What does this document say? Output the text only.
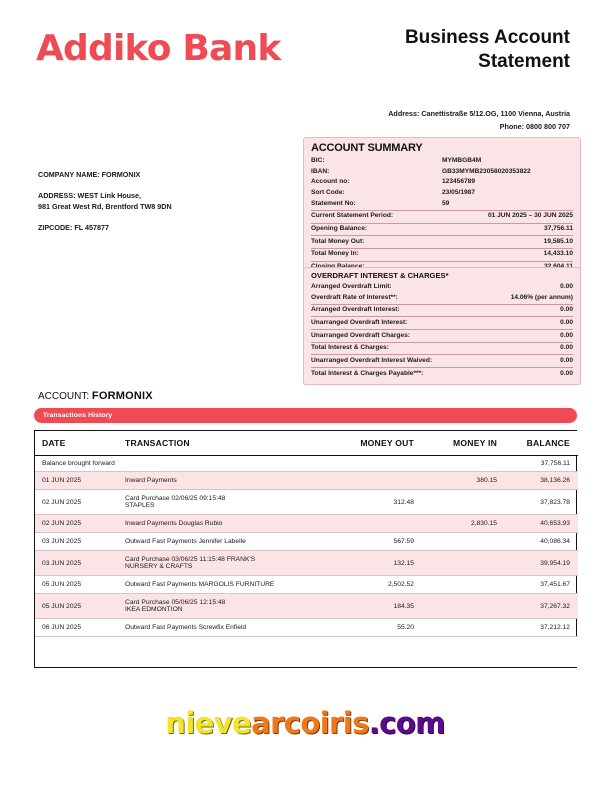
Addiko Bank	Business Account
Statement
Address: Canettistraße 5/12.OG, 1100 Vienna, Austria
Phone: 0800 800 707
COMPANY NAME: FORMONIX
ADDRESS: WEST Link House,
981 Great West Rd, Brentford TW8 9DN
ZIPCODE: FL 457877
ACCOUNT SUMMARY
BIC:	MYMBGB4M
IBAN:	GB33MYMB23058020353822
Account no:	123456789
Sort Code:	23/05/1987
Statement No:	59
Current Statement Period:	01 JUN 2025 – 30 JUN 2025
Opening Balance:	37,756.11
Total Money Out:	19,585.10
Total Money In:	14,433.10
OVERDRAFT INTEREST & CHARGES*
Arranged Overdraft Limit:	0.00
Overdraft Rate of Interest**:	14.06% (per annum)
Arranged Overdraft Interest:	0.00
Unarranged Overdraft Interest:	0.00
Unarranged Overdraft Charges:	0.00
Total Interest & Charges:	0.00
Unarranged Overdraft Interest Waived:	0.00
Total Interest & Charges Payable***:	0.00
ACCOUNT: FORMONIX
Transactions History
DATE	TRANSACTION	MONEY OUT	MONEY IN	BALANCE
Balance brought forward				37,756.11
01 JUN 2025	Inward Payments		380.15	38,136.26
02 JUN 2025	Card Purchase 02/06/25 09:15:48
STAPLES	312.48		37,823.78
02 JUN 2025	Inward Payments Douglas Rubio		2,830.15	40,653.93
03 JUN 2025	Outward Fast Payments Jennifer Labelle	567.59		40,086.34
03 JUN 2025	Card Purchase 03/06/25 11:15:48 FRANK'S
NURSERY & CRAFTS	132.15		39,954.19
05 JUN 2025	Outward Fast Payments MARGOLIS FURNITURE	2,502.52		37,451.67
05 JUN 2025	Card Purchase 05/06/25 12:15:48
IKEA EDMONTION	184.35		37,267.32
06 JUN 2025	Outward Fast Payments Screwfix Enfield	55.20		37,212.12

nievearcoiris.com
